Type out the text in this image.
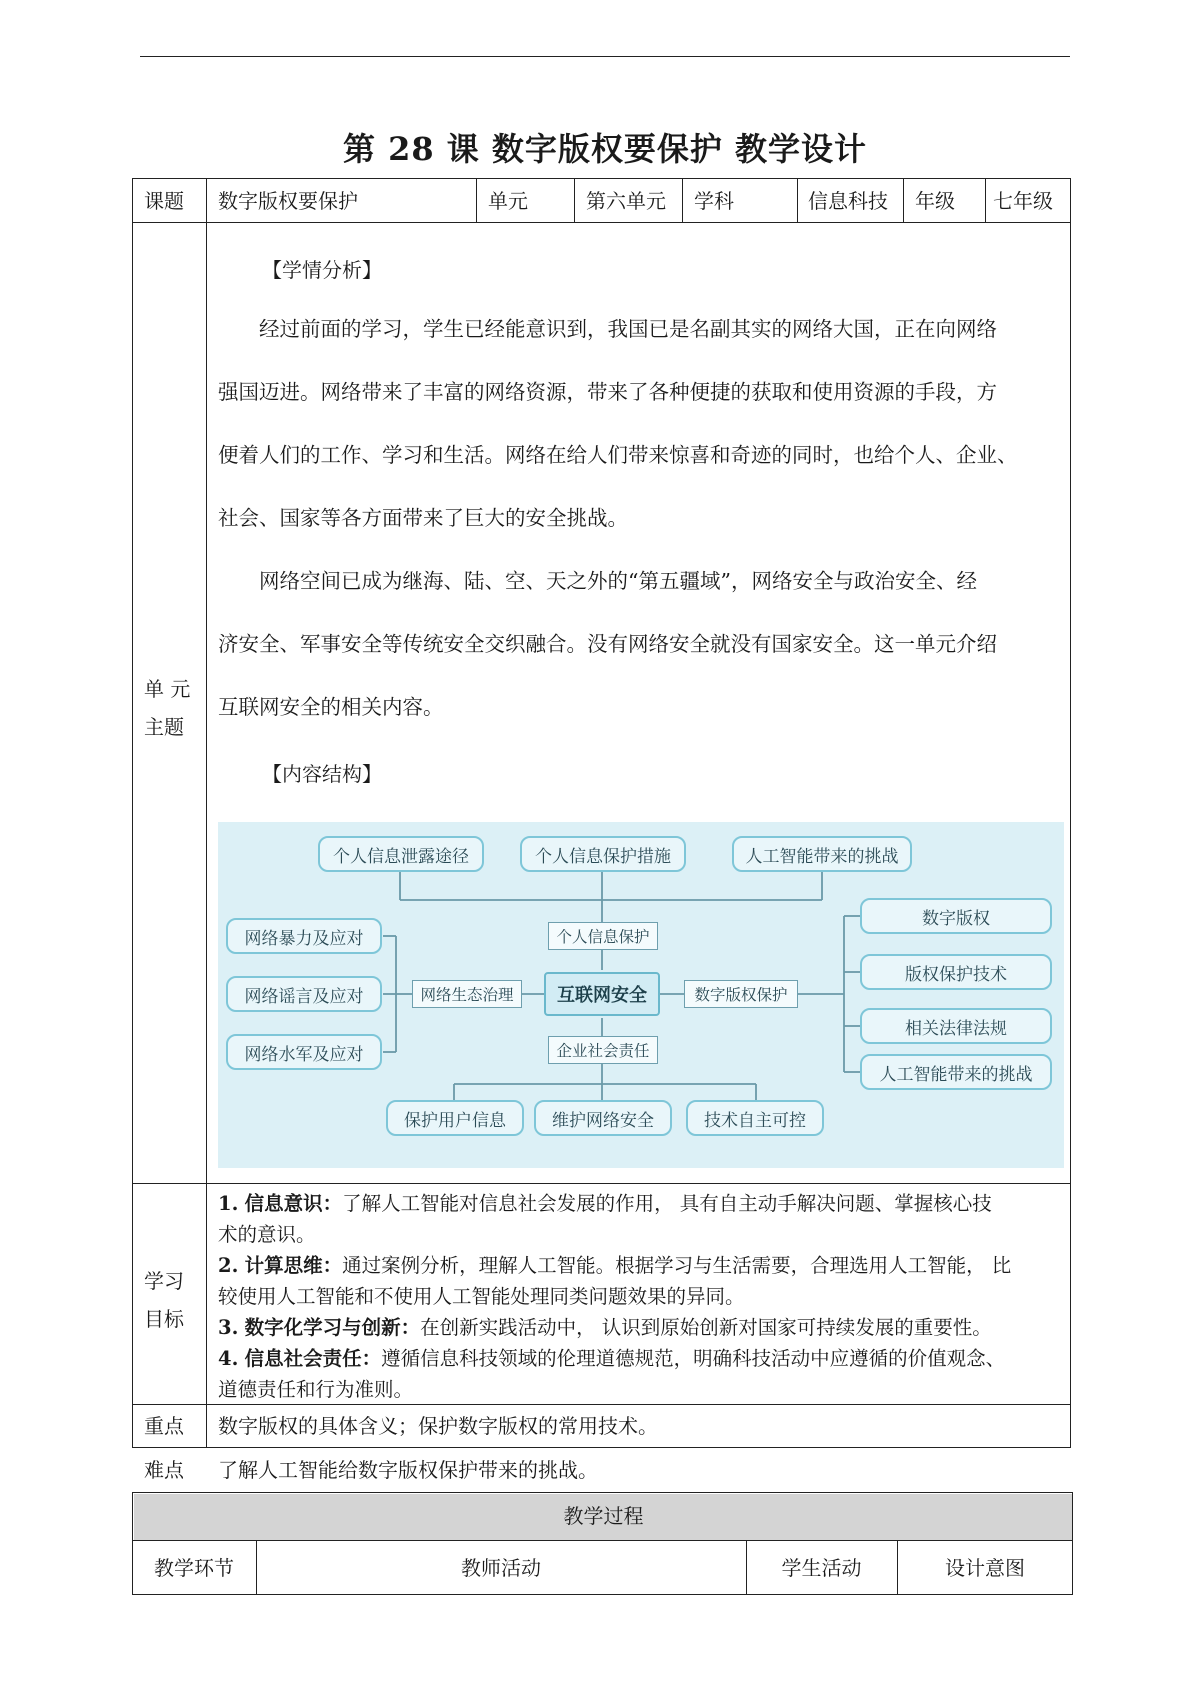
第 28 课 数字版权要保护 教学设计
课题 数字版权要保护	单元	第六单元 学科	信息科技 年级 七年级
单 元
主题
【学情分析】
经过前面的学习，学生已经能意识到，我国已是名副其实的网络大国，正在向网络
强国迈进。网络带来了丰富的网络资源，带来了各种便捷的获取和使用资源的手段，方
便着人们的工作、学习和生活。网络在给人们带来惊喜和奇迹的同时，也给个人、企业、
社会、国家等各方面带来了巨大的安全挑战。
网络空间已成为继海、陆、空、天之外的“第五疆域”，网络安全与政治安全、经
济安全、军事安全等传统安全交织融合。没有网络安全就没有国家安全。这一单元介绍
互联网安全的相关内容。
【内容结构】
个人信息泄露途径	个人信息保护措施	人工智能带来的挑战
个人信息保护
互联网安全
网络生态治理	数字版权保护
网络暴力及应对
网络谣言及应对
网络水军及应对
数字版权
版权保护技术
相关法律法规
人工智能带来的挑战
企业社会责任
保护用户信息	维护网络安全	技术自主可控
学习
目标
1. 信息意识：了解人工智能对信息社会发展的作用， 具有自主动手解决问题、掌握核心技
术的意识。
2. 计算思维：通过案例分析，理解人工智能。根据学习与生活需要，合理选用人工智能， 比
较使用人工智能和不使用人工智能处理同类问题效果的异同。
3. 数字化学习与创新：在创新实践活动中， 认识到原始创新对国家可持续发展的重要性。
4. 信息社会责任：遵循信息科技领域的伦理道德规范，明确科技活动中应遵循的价值观念、
道德责任和行为准则。
重点 数字版权的具体含义；保护数字版权的常用技术。
难点 了解人工智能给数字版权保护带来的挑战。
教学过程
教学环节	教师活动	学生活动	设计意图
